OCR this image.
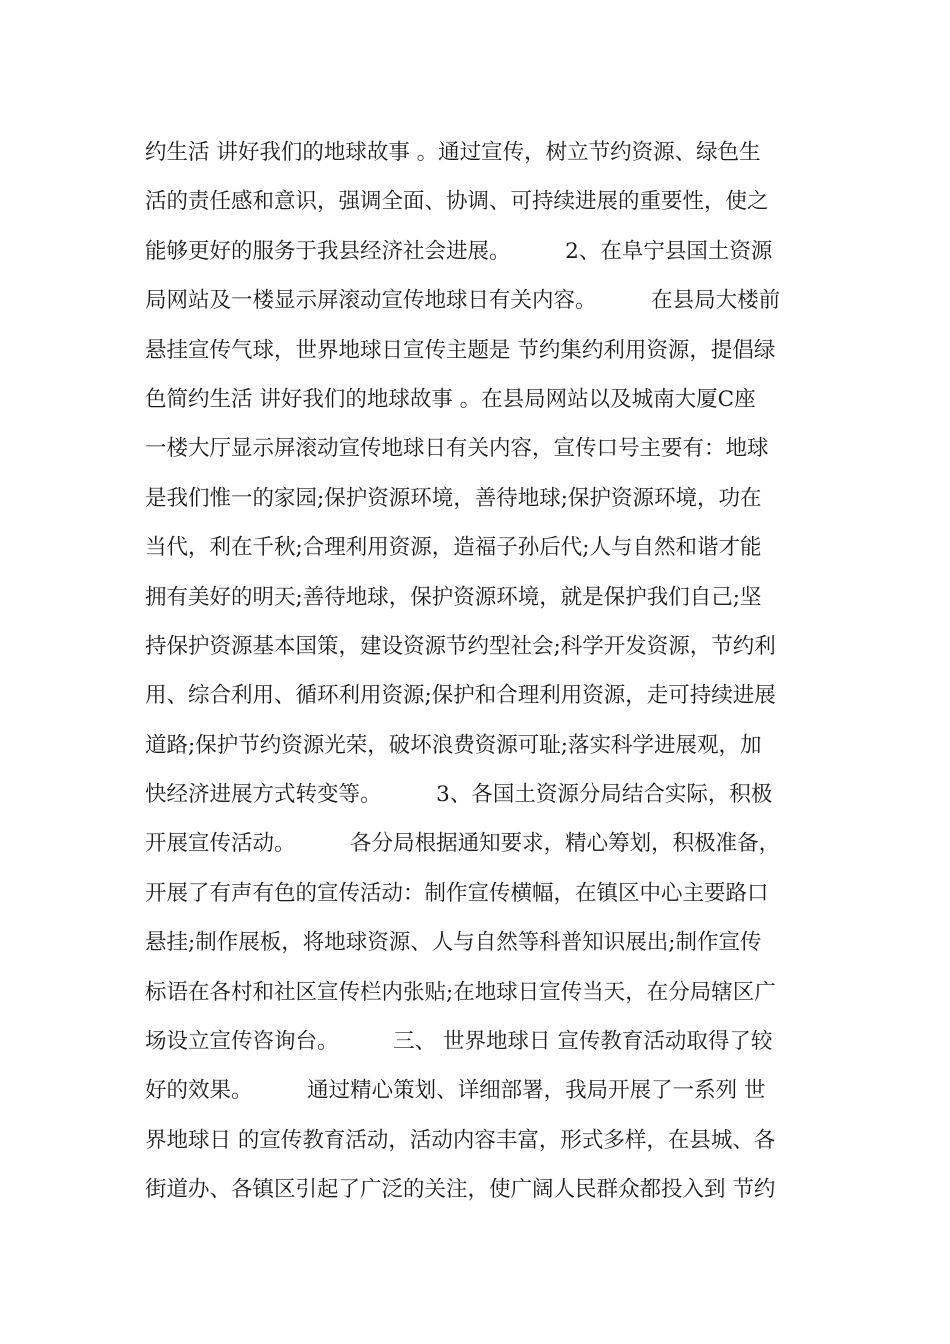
约生活 讲好我们的地球故事 。通过宣传，树立节约资源、绿色生
活的责任感和意识，强调全面、协调、可持续进展的重要性，使之
能够更好的服务于我县经济社会进展。        2、在阜宁县国土资源
局网站及一楼显示屏滚动宣传地球日有关内容。        在县局大楼前
悬挂宣传气球，世界地球日宣传主题是 节约集约利用资源，提倡绿
色简约生活 讲好我们的地球故事 。在县局网站以及城南大厦C座
一楼大厅显示屏滚动宣传地球日有关内容，宣传口号主要有：地球
是我们惟一的家园;保护资源环境，善待地球;保护资源环境，功在
当代，利在千秋;合理利用资源，造福子孙后代;人与自然和谐才能
拥有美好的明天;善待地球，保护资源环境，就是保护我们自己;坚
持保护资源基本国策，建设资源节约型社会;科学开发资源，节约利
用、综合利用、循环利用资源;保护和合理利用资源，走可持续进展
道路;保护节约资源光荣，破坏浪费资源可耻;落实科学进展观，加
快经济进展方式转变等。        3、各国土资源分局结合实际，积极
开展宣传活动。        各分局根据通知要求，精心筹划，积极准备，
开展了有声有色的宣传活动：制作宣传横幅，在镇区中心主要路口
悬挂;制作展板，将地球资源、人与自然等科普知识展出;制作宣传
标语在各村和社区宣传栏内张贴;在地球日宣传当天，在分局辖区广
场设立宣传咨询台。        三、 世界地球日 宣传教育活动取得了较
好的效果。        通过精心策划、详细部署，我局开展了一系列 世
界地球日 的宣传教育活动，活动内容丰富，形式多样，在县城、各
街道办、各镇区引起了广泛的关注，使广阔人民群众都投入到 节约
